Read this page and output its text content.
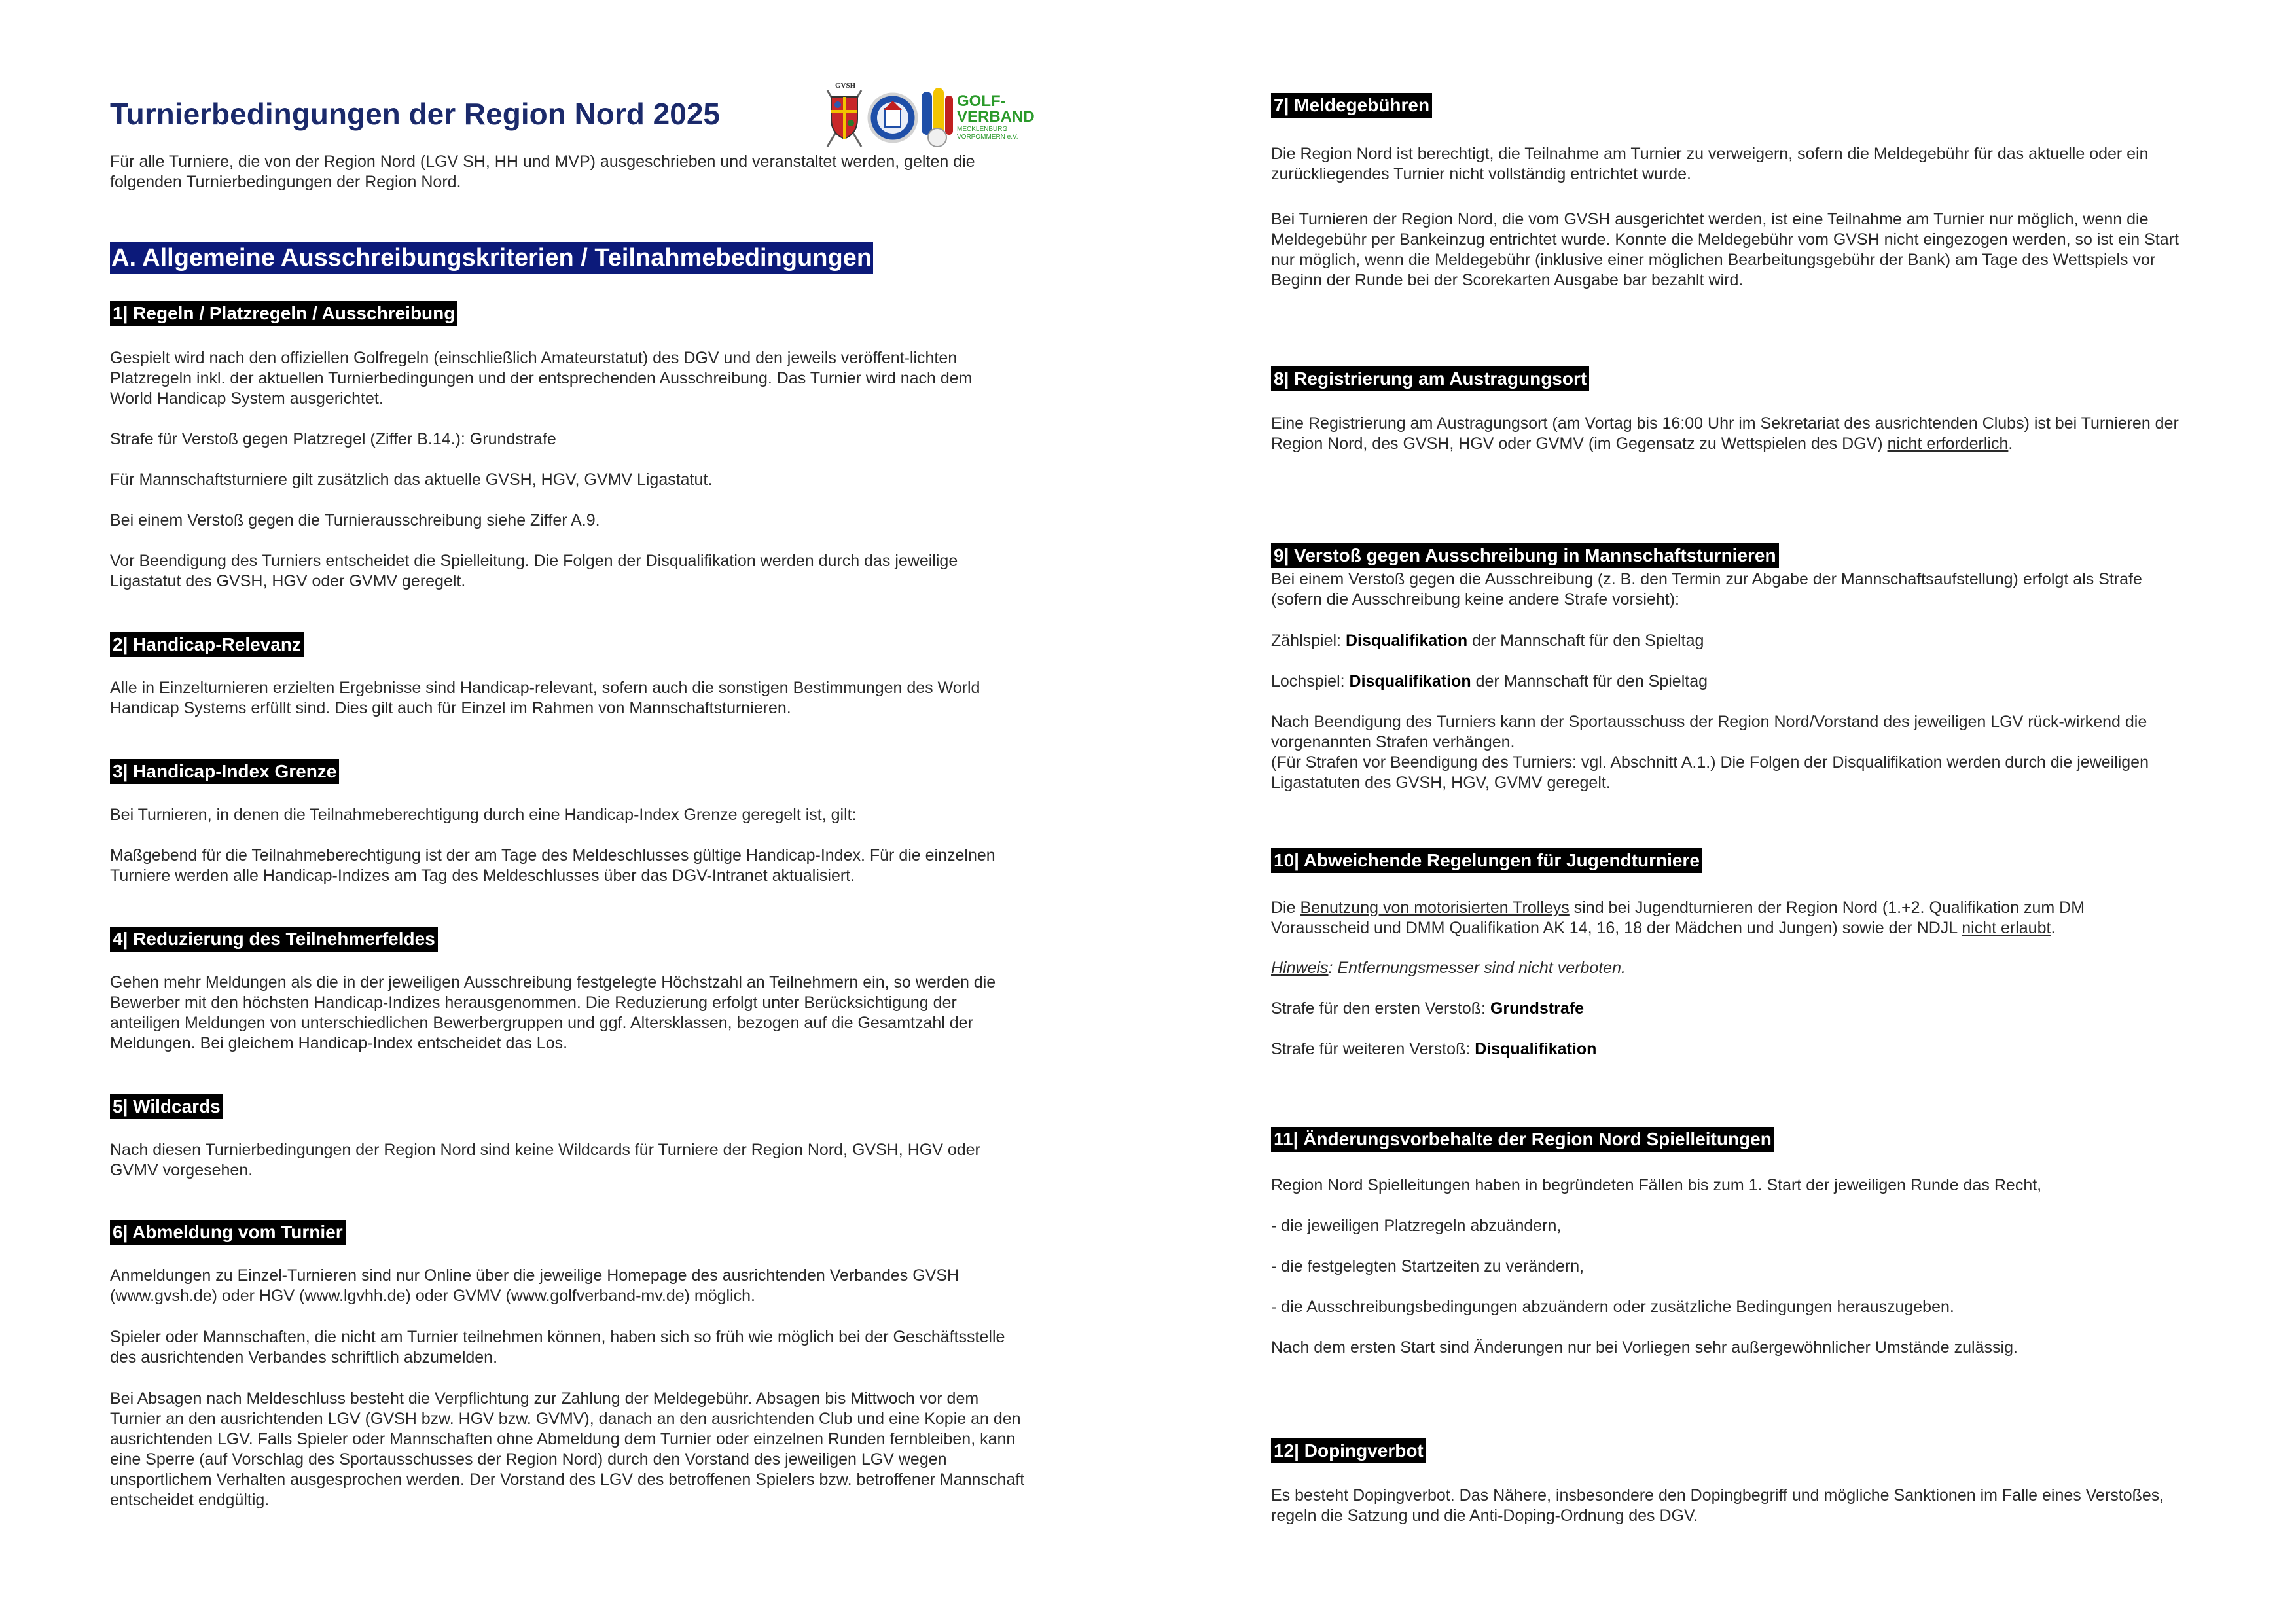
Turnierbedingungen der Region Nord 2025

Für alle Turniere, die von der Region Nord (LGV SH, HH und MVP) ausgeschrieben und veranstaltet werden, gelten die folgenden Turnierbedingungen der Region Nord.

A. Allgemeine Ausschreibungskriterien / Teilnahmebedingungen
1| Regeln / Platzregeln / Ausschreibung

Gespielt wird nach den offiziellen Golfregeln (einschließlich Amateurstatut) des DGV und den jeweils veröffent-lichten Platzregeln inkl. der aktuellen Turnierbedingungen und der entsprechenden Ausschreibung. Das Turnier wird nach dem World Handicap System ausgerichtet.

Strafe für Verstoß gegen Platzregel (Ziffer B.14.): Grundstrafe

Für Mannschaftsturniere gilt zusätzlich das aktuelle GVSH, HGV, GVMV Ligastatut.

Bei einem Verstoß gegen die Turnierausschreibung siehe Ziffer A.9.

Vor Beendigung des Turniers entscheidet die Spielleitung. Die Folgen der Disqualifikation werden durch das jeweilige Ligastatut des GVSH, HGV oder GVMV geregelt.

2| Handicap-Relevanz

Alle in Einzelturnieren erzielten Ergebnisse sind Handicap-relevant, sofern auch die sonstigen Bestimmungen des World Handicap Systems erfüllt sind. Dies gilt auch für Einzel im Rahmen von Mannschaftsturnieren.

3| Handicap-Index Grenze

Bei Turnieren, in denen die Teilnahmeberechtigung durch eine Handicap-Index Grenze geregelt ist, gilt:

Maßgebend für die Teilnahmeberechtigung ist der am Tage des Meldeschlusses gültige Handicap-Index. Für die einzelnen Turniere werden alle Handicap-Indizes am Tag des Meldeschlusses über das DGV-Intranet aktualisiert.

4| Reduzierung des Teilnehmerfeldes

Gehen mehr Meldungen als die in der jeweiligen Ausschreibung festgelegte Höchstzahl an Teilnehmern ein, so werden die Bewerber mit den höchsten Handicap-Indizes herausgenommen. Die Reduzierung erfolgt unter Berücksichtigung der anteiligen Meldungen von unterschiedlichen Bewerbergruppen und ggf. Altersklassen, bezogen auf die Gesamtzahl der Meldungen. Bei gleichem Handicap-Index entscheidet das Los.

5| Wildcards

Nach diesen Turnierbedingungen der Region Nord sind keine Wildcards für Turniere der Region Nord, GVSH, HGV oder GVMV vorgesehen.

6| Abmeldung vom Turnier

Anmeldungen zu Einzel-Turnieren sind nur Online über die jeweilige Homepage des ausrichtenden Verbandes GVSH (www.gvsh.de) oder HGV (www.lgvhh.de) oder GVMV (www.golfverband-mv.de) möglich.

Spieler oder Mannschaften, die nicht am Turnier teilnehmen können, haben sich so früh wie möglich bei der Geschäftsstelle des ausrichtenden Verbandes schriftlich abzumelden.

Bei Absagen nach Meldeschluss besteht die Verpflichtung zur Zahlung der Meldegebühr. Absagen bis Mittwoch vor dem Turnier an den ausrichtenden LGV (GVSH bzw. HGV bzw. GVMV), danach an den ausrichtenden Club und eine Kopie an den ausrichtenden LGV. Falls Spieler oder Mannschaften ohne Abmeldung dem Turnier oder einzelnen Runden fernbleiben, kann eine Sperre (auf Vorschlag des Sportausschusses der Region Nord) durch den Vorstand des jeweiligen LGV wegen unsportlichem Verhalten ausgesprochen werden. Der Vorstand des LGV des betroffenen Spielers bzw. betroffener Mannschaft entscheidet endgültig.

GVSH
GOLF-
VERBAND
MECKLENBURG
VORPOMMERN e.V.
7| Meldegebühren

Die Region Nord ist berechtigt, die Teilnahme am Turnier zu verweigern, sofern die Meldegebühr für das aktuelle oder ein zurückliegendes Turnier nicht vollständig entrichtet wurde.

Bei Turnieren der Region Nord, die vom GVSH ausgerichtet werden, ist eine Teilnahme am Turnier nur möglich, wenn die Meldegebühr per Bankeinzug entrichtet wurde. Konnte die Meldegebühr vom GVSH nicht eingezogen werden, so ist ein Start nur möglich, wenn die Meldegebühr (inklusive einer möglichen Bearbeitungsgebühr der Bank) am Tage des Wettspiels vor Beginn der Runde bei der Scorekarten Ausgabe bar bezahlt wird.

8| Registrierung am Austragungsort

Eine Registrierung am Austragungsort (am Vortag bis 16:00 Uhr im Sekretariat des ausrichtenden Clubs) ist bei Turnieren der Region Nord, des GVSH, HGV oder GVMV (im Gegensatz zu Wettspielen des DGV) nicht erforderlich.

9| Verstoß gegen Ausschreibung in Mannschaftsturnieren

Bei einem Verstoß gegen die Ausschreibung (z. B. den Termin zur Abgabe der Mannschaftsaufstellung) erfolgt als Strafe (sofern die Ausschreibung keine andere Strafe vorsieht):

Zählspiel: Disqualifikation der Mannschaft für den Spieltag

Lochspiel: Disqualifikation der Mannschaft für den Spieltag

Nach Beendigung des Turniers kann der Sportausschuss der Region Nord/Vorstand des jeweiligen LGV rück-wirkend die vorgenannten Strafen verhängen.

(Für Strafen vor Beendigung des Turniers: vgl. Abschnitt A.1.) Die Folgen der Disqualifikation werden durch die jeweiligen Ligastatuten des GVSH, HGV, GVMV geregelt.

10| Abweichende Regelungen für Jugendturniere

Die Benutzung von motorisierten Trolleys sind bei Jugendturnieren der Region Nord (1.+2. Qualifikation zum DM Vorausscheid und DMM Qualifikation AK 14, 16, 18 der Mädchen und Jungen) sowie der NDJL nicht erlaubt.

Hinweis: Entfernungsmesser sind nicht verboten.

Strafe für den ersten Verstoß: Grundstrafe

Strafe für weiteren Verstoß: Disqualifikation

11| Änderungsvorbehalte der Region Nord Spielleitungen

Region Nord Spielleitungen haben in begründeten Fällen bis zum 1. Start der jeweiligen Runde das Recht,

- die jeweiligen Platzregeln abzuändern,

- die festgelegten Startzeiten zu verändern,

- die Ausschreibungsbedingungen abzuändern oder zusätzliche Bedingungen herauszugeben.

Nach dem ersten Start sind Änderungen nur bei Vorliegen sehr außergewöhnlicher Umstände zulässig.

12| Dopingverbot

Es besteht Dopingverbot. Das Nähere, insbesondere den Dopingbegriff und mögliche Sanktionen im Falle eines Verstoßes, regeln die Satzung und die Anti-Doping-Ordnung des DGV.
